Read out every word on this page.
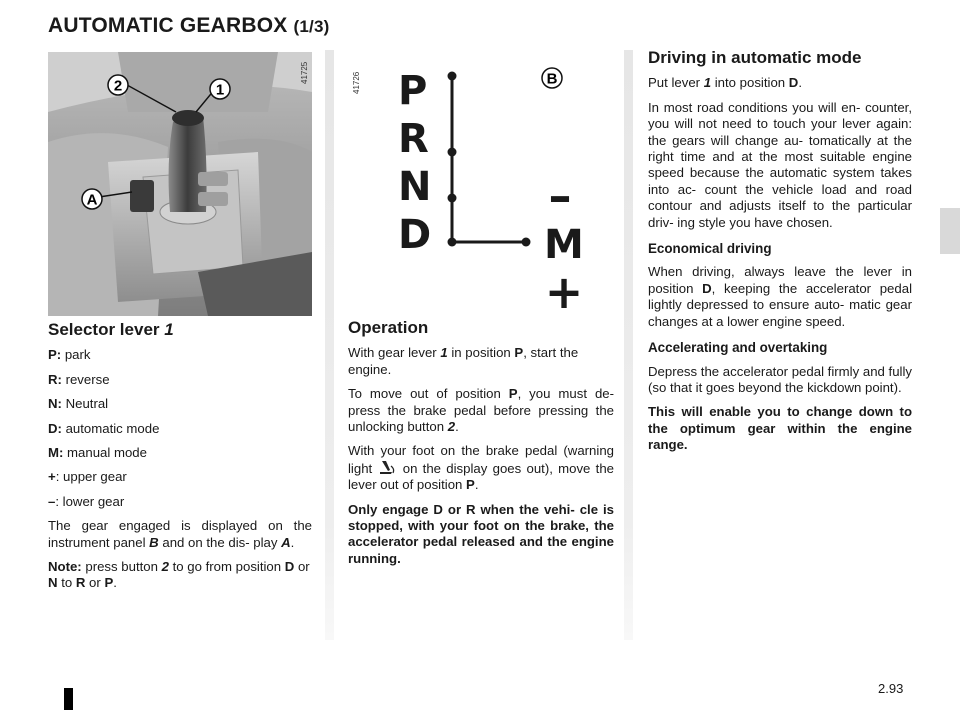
AUTOMATIC GEARBOX (1/3)
2	1
A
41725 P
R
N
D	M
–
+
B
41726
Selector lever 1

P: park

R: reverse

N: Neutral

D: automatic mode

M: manual mode

+: upper gear

–: lower gear

The gear engaged is displayed on the instrument panel B and on the dis- play A.

Note: press button 2 to go from position D or N to R or P.

Operation

With gear lever 1 in position P, start the engine.

To move out of position P, you must de- press the brake pedal before pressing the unlocking button 2.

With your foot on the brake pedal (warning light  on the display goes out), move the lever out of position P.

Only engage D or R when the vehi- cle is stopped, with your foot on the brake, the accelerator pedal released and the engine running.

Driving in automatic mode

Put lever 1 into position D.

In most road conditions you will en- counter, you will not need to touch your lever again: the gears will change au- tomatically at the right time and at the most suitable engine speed because the automatic system takes into ac- count the vehicle load and road contour and adjusts itself to the particular driv- ing style you have chosen.

Economical driving

When driving, always leave the lever in position D, keeping the accelerator pedal lightly depressed to ensure auto- matic gear changes at a lower engine speed.

Accelerating and overtaking

Depress the accelerator pedal firmly and fully (so that it goes beyond the kickdown point).

This will enable you to change down to the optimum gear within the engine range.

2.93
